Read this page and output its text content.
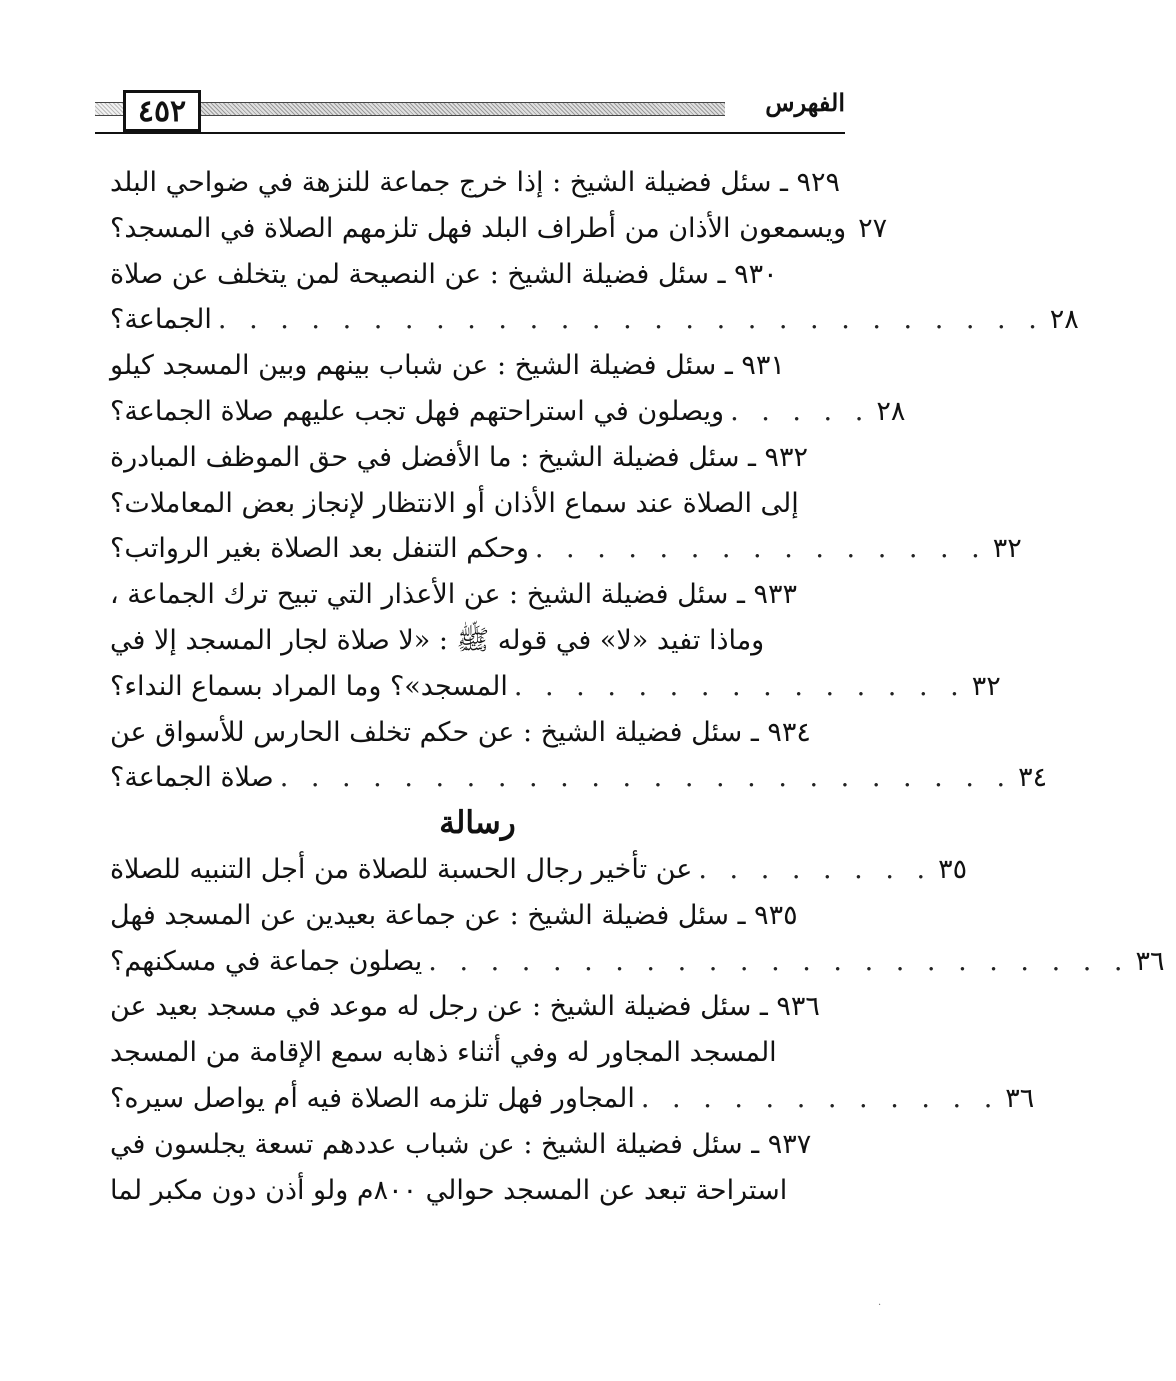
٤٥٢	الفهرس
٩٢٩ ـ سئل فضيلة الشيخ : إذا خرج جماعة للنزهة في ضواحي البلد
ويسمعون الأذان من أطراف البلد فهل تلزمهم الصلاة في المسجد؟ ٢٧
٩٣٠ ـ سئل فضيلة الشيخ : عن النصيحة لمن يتخلف عن صلاة
الجماعة؟ . . . . . . . . . . . . . . . . . . . . . . . . . . . ٢٨
٩٣١ ـ سئل فضيلة الشيخ : عن شباب بينهم وبين المسجد كيلو
ويصلون في استراحتهم فهل تجب عليهم صلاة الجماعة؟ . . . . . ٢٨
٩٣٢ ـ سئل فضيلة الشيخ : ما الأفضل في حق الموظف المبادرة
إلى الصلاة عند سماع الأذان أو الانتظار لإنجاز بعض المعاملات؟
وحكم التنفل بعد الصلاة بغير الرواتب؟ . . . . . . . . . . . . . . . ٣٢
٩٣٣ ـ سئل فضيلة الشيخ : عن الأعذار التي تبيح ترك الجماعة ،
وماذا تفيد «لا» في قوله ﷺ : «لا صلاة لجار المسجد إلا في
المسجد»؟ وما المراد بسماع النداء؟ . . . . . . . . . . . . . . . ٣٢
٩٣٤ ـ سئل فضيلة الشيخ : عن حكم تخلف الحارس للأسواق عن
صلاة الجماعة؟ . . . . . . . . . . . . . . . . . . . . . . . . ٣٤
رسالة
عن تأخير رجال الحسبة للصلاة من أجل التنبيه للصلاة . . . . . . . . ٣٥
٩٣٥ ـ سئل فضيلة الشيخ : عن جماعة بعيدين عن المسجد فهل
يصلون جماعة في مسكنهم؟ . . . . . . . . . . . . . . . . . . . . . . . ٣٦
٩٣٦ ـ سئل فضيلة الشيخ : عن رجل له موعد في مسجد بعيد عن
المسجد المجاور له وفي أثناء ذهابه سمع الإقامة من المسجد
المجاور فهل تلزمه الصلاة فيه أم يواصل سيره؟ . . . . . . . . . . . . ٣٦
٩٣٧ ـ سئل فضيلة الشيخ : عن شباب عددهم تسعة يجلسون في
استراحة تبعد عن المسجد حوالي ٨٠٠م ولو أذن دون مكبر لما
·
